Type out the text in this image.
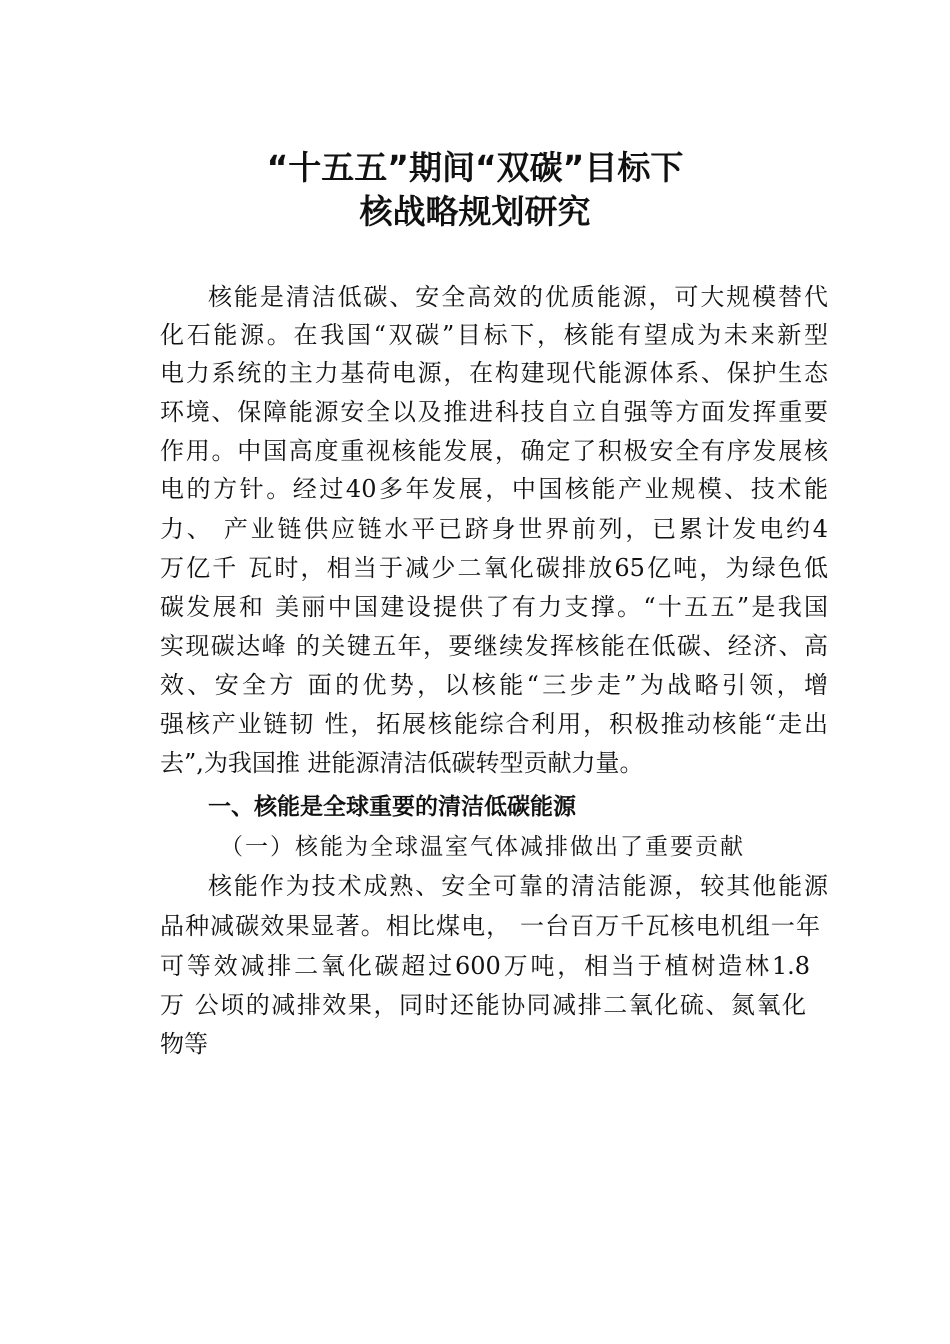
“十五五”期间“双碳”目标下
核战略规划研究
核能是清洁低碳、安全高效的优质能源，可大规模替代
化石能源。在我国“双碳”目标下，核能有望成为未来新型
电力系统的主力基荷电源，在构建现代能源体系、保护生态
环境、保障能源安全以及推进科技自立自强等方面发挥重要
作用。中国高度重视核能发展，确定了积极安全有序发展核
电的方针。经过40多年发展，中国核能产业规模、技术能
力、 产业链供应链水平已跻身世界前列，已累计发电约4
万亿千 瓦时，相当于减少二氧化碳排放65亿吨，为绿色低
碳发展和 美丽中国建设提供了有力支撑。“十五五”是我国
实现碳达峰 的关键五年，要继续发挥核能在低碳、经济、高
效、安全方 面的优势，以核能“三步走”为战略引领，增
强核产业链韧 性，拓展核能综合利用，积极推动核能“走出
去”,为我国推 进能源清洁低碳转型贡献力量。
一、核能是全球重要的清洁低碳能源
（一）核能为全球温室气体减排做出了重要贡献
核能作为技术成熟、安全可靠的清洁能源，较其他能源
品种减碳效果显著。相比煤电， 一台百万千瓦核电机组一年
可等效减排二氧化碳超过600万吨，相当于植树造林1.8
万 公顷的减排效果，同时还能协同减排二氧化硫、氮氧化
物等
